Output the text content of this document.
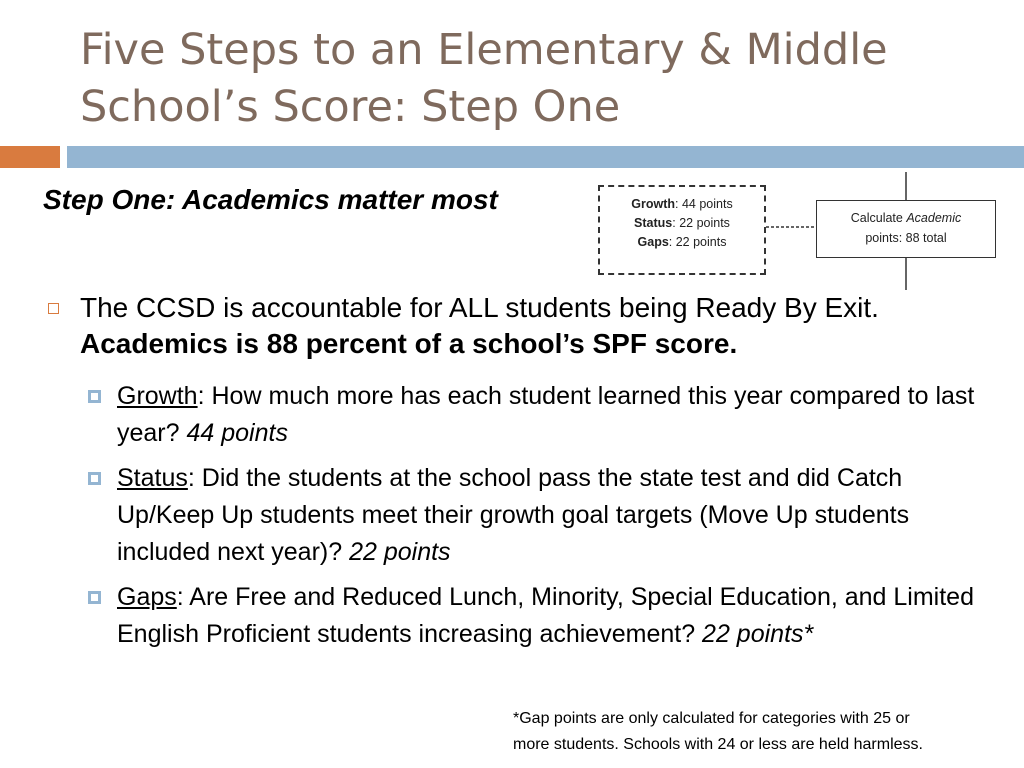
Five Steps to an Elementary & Middle
School’s Score: Step One
Step One: Academics matter most	Growth: 44 points
Status: 22 points
Gaps: 22 points
Calculate Academic
points: 88 total
The CCSD is accountable for ALL students being Ready By Exit. Academics is 88 percent of a school’s SPF score.
Growth: How much more has each student learned this year compared to last year? 44 points
Status: Did the students at the school pass the state test and did Catch Up/Keep Up students meet their growth goal targets (Move Up students included next year)? 22 points
Gaps: Are Free and Reduced Lunch, Minority, Special Education, and Limited English Proficient students increasing achievement? 22 points*
*Gap points are only calculated for categories with 25 or
more students. Schools with 24 or less are held harmless.
